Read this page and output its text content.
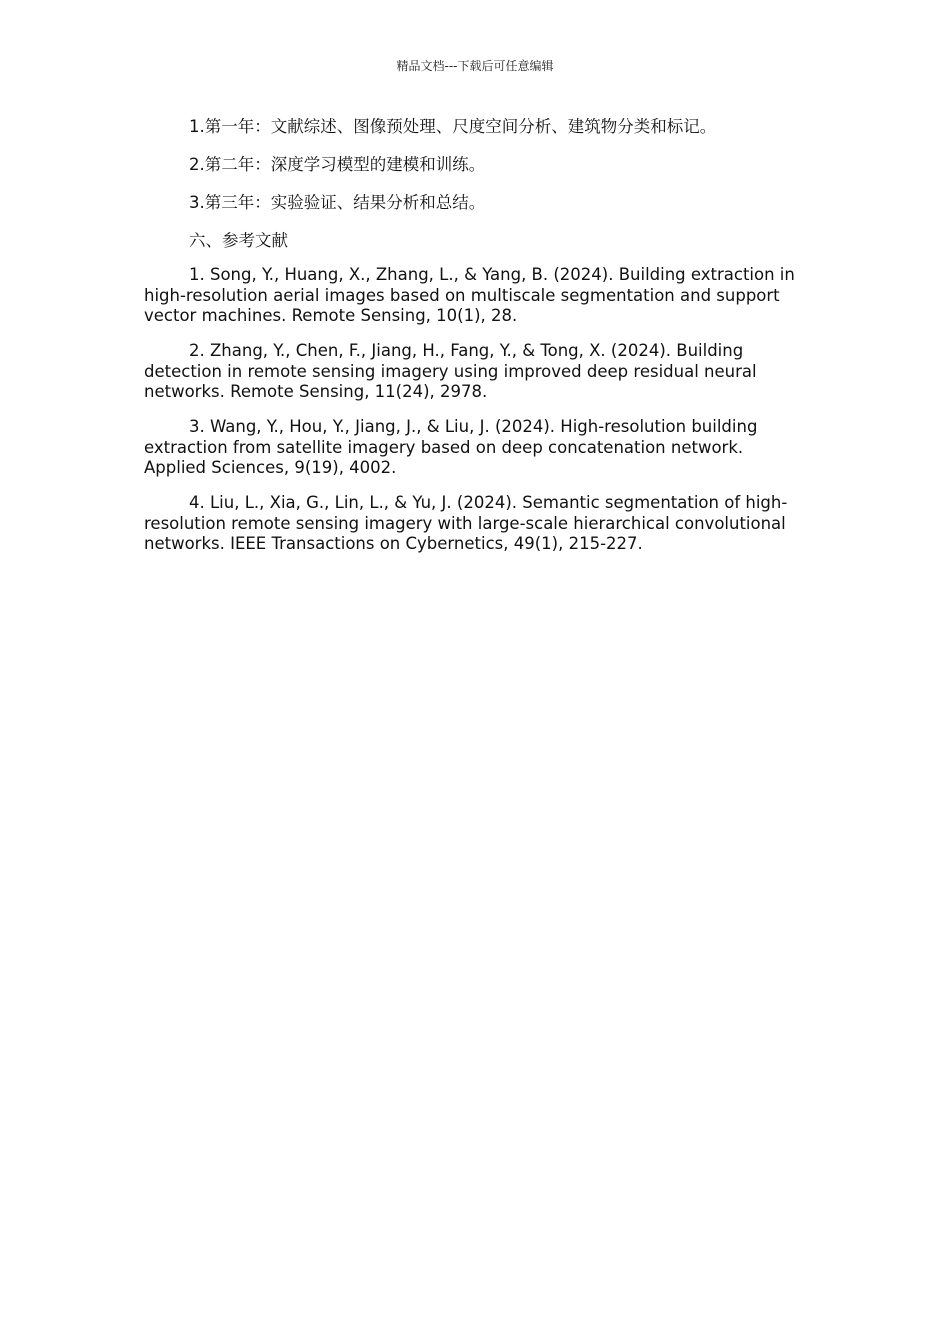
精品文档---下载后可任意编辑

1.第一年：文献综述、图像预处理、尺度空间分析、建筑物分类和标记。

2.第二年：深度学习模型的建模和训练。

3.第三年：实验验证、结果分析和总结。

六、参考文献

1. Song, Y., Huang, X., Zhang, L., & Yang, B. (2024). Building extraction in high-resolution aerial images based on multiscale segmentation and support vector machines. Remote Sensing, 10(1), 28.

2. Zhang, Y., Chen, F., Jiang, H., Fang, Y., & Tong, X. (2024). Building detection in remote sensing imagery using improved deep residual neural networks. Remote Sensing, 11(24), 2978.

3. Wang, Y., Hou, Y., Jiang, J., & Liu, J. (2024). High-resolution building extraction from satellite imagery based on deep concatenation network. Applied Sciences, 9(19), 4002.

4. Liu, L., Xia, G., Lin, L., & Yu, J. (2024). Semantic segmentation of high-resolution remote sensing imagery with large-scale hierarchical convolutional networks. IEEE Transactions on Cybernetics, 49(1), 215-227.
